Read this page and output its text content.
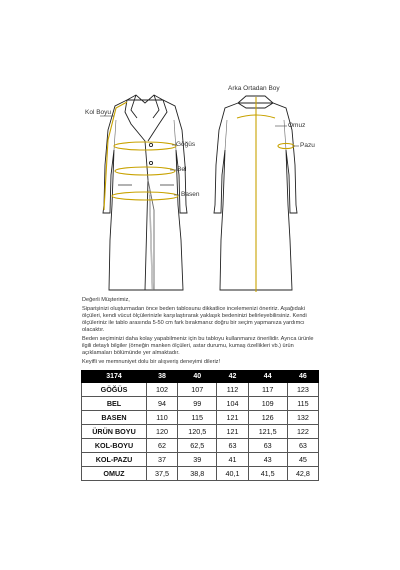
Kol Boyu
Göğüs
Bel
Basen
Arka Ortadan Boy
Omuz
Pazu

Değerli Müşterimiz,

Siparişinizi oluşturmadan önce beden tablosunu dikkatlice incelemenizi öneririz. Aşağıdaki ölçüleri, kendi vücut ölçülerinizle karşılaştırarak yaklaşık bedeninizi belirleyebilirsiniz. Kendi ölçüleriniz ile tablo arasında 5-50 cm fark bırakmanız doğru bir seçim yapmanıza yardımcı olacaktır.

Beden seçiminizi daha kolay yapabilmeniz için bu tabloyu kullanmanız önerilidir. Ayrıca ürünle ilgili detaylı bilgiler (örneğin manken ölçüleri, astar durumu, kumaş özellikleri vb.) ürün açıklamaları bölümünde yer almaktadır.

Keyifli ve memnuniyet dolu bir alışveriş deneyimi dileriz!

3174	38	40	42	44	46
GÖĞÜS	102	107	112	117	123
BEL	94	99	104	109	115
BASEN	110	115	121	126	132
ÜRÜN BOYU	120	120,5	121	121,5	122
KOL-BOYU	62	62,5	63	63	63
KOL-PAZU	37	39	41	43	45
OMUZ	37,5	38,8	40,1	41,5	42,8
